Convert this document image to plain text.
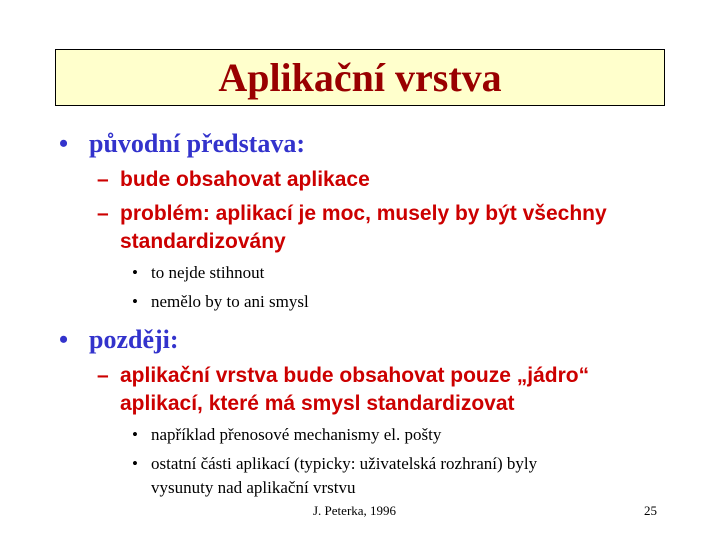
Aplikační vrstva
• původní představa:
– bude obsahovat aplikace
– problém: aplikací je moc, musely by být všechny
standardizovány
• to nejde stihnout
• nemělo by to ani smysl
• později:
– aplikační vrstva bude obsahovat pouze „jádro“
aplikací, které má smysl standardizovat
• například přenosové mechanismy el. pošty
• ostatní části aplikací (typicky: uživatelská rozhraní) byly
vysunuty nad aplikační vrstvu
J. Peterka, 1996	25
